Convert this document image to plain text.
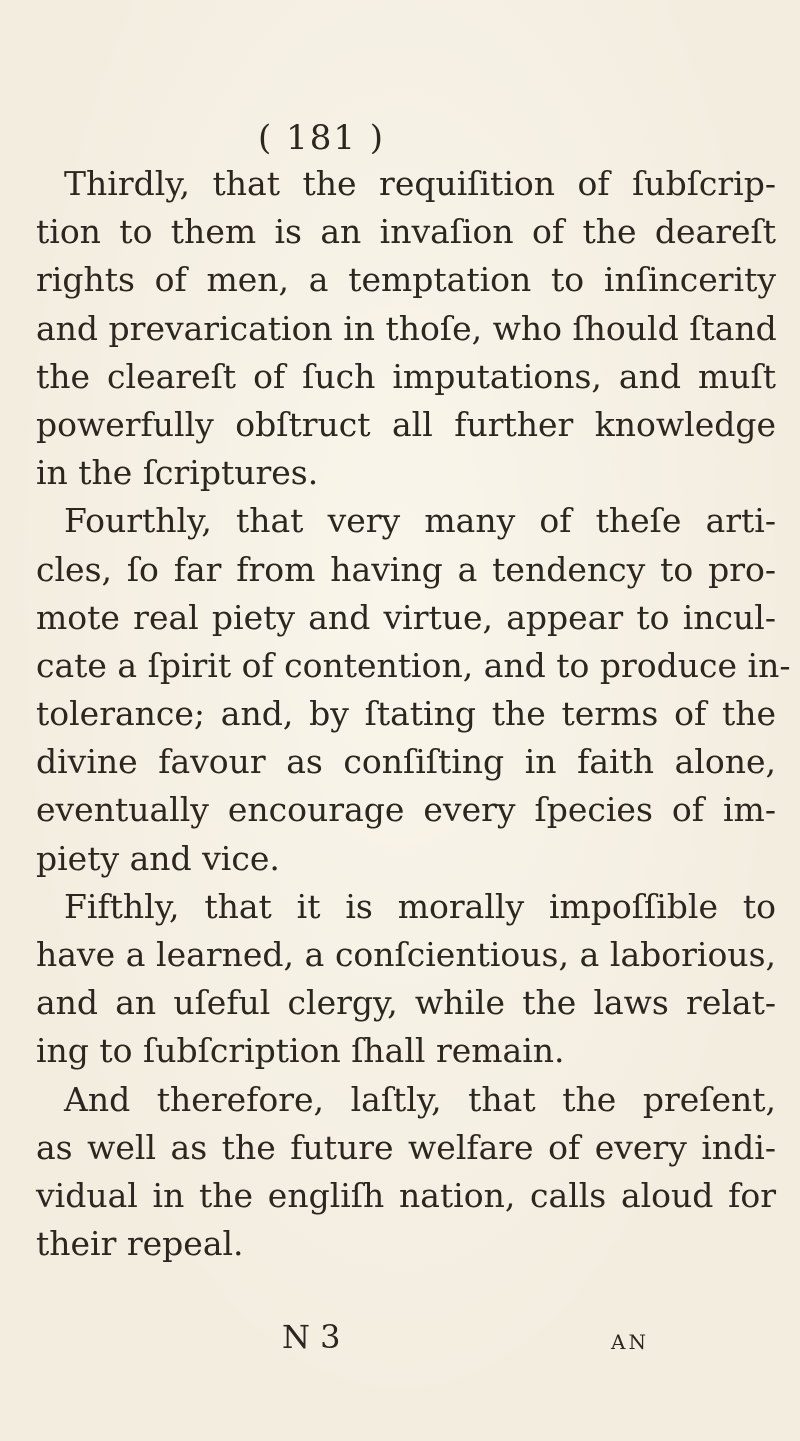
( 181 )
Thirdly, that the requiſition of ſubſcrip-
tion to them is an invaſion of the deareſt
rights of men, a temptation to inſincerity
and prevarication in thoſe, who ſhould ſtand
the cleareſt of ſuch imputations, and muſt
powerfully obſtruct all further knowledge
in the ſcriptures.
Fourthly, that very many of theſe arti-
cles, ſo far from having a tendency to pro-
mote real piety and virtue, appear to incul-
cate a ſpirit of contention, and to produce in-
tolerance; and, by ſtating the terms of the
divine favour as conſiſting in faith alone,
eventually encourage every ſpecies of im-
piety and vice.
Fifthly, that it is morally impoſſible to
have a learned, a conſcientious, a laborious,
and an uſeful clergy, while the laws relat-
ing to ſubſcription ſhall remain.
And therefore, laſtly, that the preſent,
as well as the future welfare of every indi-
vidual in the engliſh nation, calls aloud for
their repeal.
N 3	AN
